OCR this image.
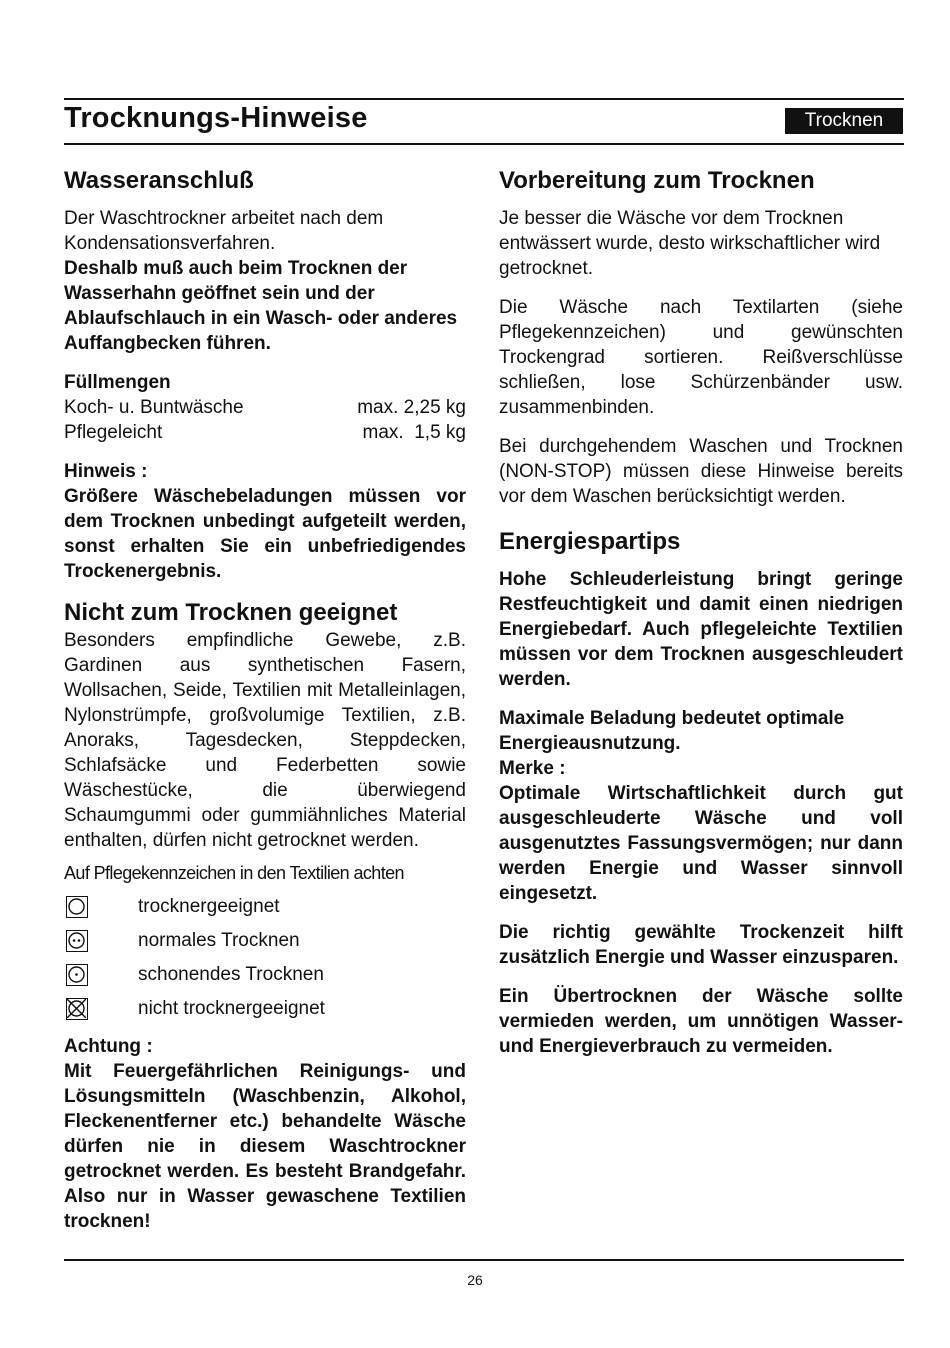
Trocknungs-Hinweise	Trocknen
Wasseranschluß

Der Waschtrockner arbeitet nach dem Kondensationsverfahren.

Deshalb muß auch beim Trocknen der Wasserhahn geöffnet sein und der Ablaufschlauch in ein Wasch- oder anderes Auffangbecken führen.

Füllmengen

Koch- u. Buntwäsche	max. 2,25 kg
Pflegeleicht	max.  1,5 kg

Hinweis :

Größere Wäschebeladungen müssen vor dem Trocknen unbedingt aufgeteilt werden, sonst erhalten Sie ein unbefriedigendes Trockenergebnis.

Nicht zum Trocknen geeignet

Besonders empfindliche Gewebe, z.B. Gardinen aus synthetischen Fasern, Wollsachen, Seide, Textilien mit Metalleinlagen, Nylonstrümpfe, großvolumige Textilien, z.B. Anoraks, Tagesdecken, Steppdecken, Schlafsäcke und Federbetten sowie Wäschestücke, die überwiegend Schaumgummi oder gummiähnliches Material enthalten, dürfen nicht getrocknet werden.

Auf Pflegekennzeichen in den Textilien achten

trocknergeeignet
normales Trocknen
schonendes Trocknen
nicht trocknergeeignet

Achtung :

Mit Feuergefährlichen Reinigungs- und Lösungsmitteln (Waschbenzin, Alkohol, Fleckenentferner etc.) behandelte Wäsche dürfen nie in diesem Waschtrockner getrocknet werden. Es besteht Brandgefahr. Also nur in Wasser gewaschene Textilien trocknen!

Vorbereitung zum Trocknen

Je besser die Wäsche vor dem Trocknen entwässert wurde, desto wirkschaftlicher wird getrocknet.

Die Wäsche nach Textilarten (siehe Pflegekennzeichen) und gewünschten Trockengrad sortieren. Reißverschlüsse schließen, lose Schürzenbänder usw. zusammenbinden.

Bei durchgehendem Waschen und Trocknen (NON-STOP) müssen diese Hinweise bereits vor dem Waschen berücksichtigt werden.

Energiespartips

Hohe Schleuderleistung bringt geringe Restfeuchtigkeit und damit einen niedrigen Energiebedarf. Auch pflegeleichte Textilien müssen vor dem Trocknen ausgeschleudert werden.

Maximale Beladung bedeutet optimale Energieausnutzung.

Merke :

Optimale Wirtschaftlichkeit durch gut ausgeschleuderte Wäsche und voll ausgenutztes Fassungsvermögen; nur dann werden Energie und Wasser sinnvoll eingesetzt.

Die richtig gewählte Trockenzeit hilft zusätzlich Energie und Wasser einzusparen.

Ein Übertrocknen der Wäsche sollte vermieden werden, um unnötigen Wasser- und Energieverbrauch zu vermeiden.

26
